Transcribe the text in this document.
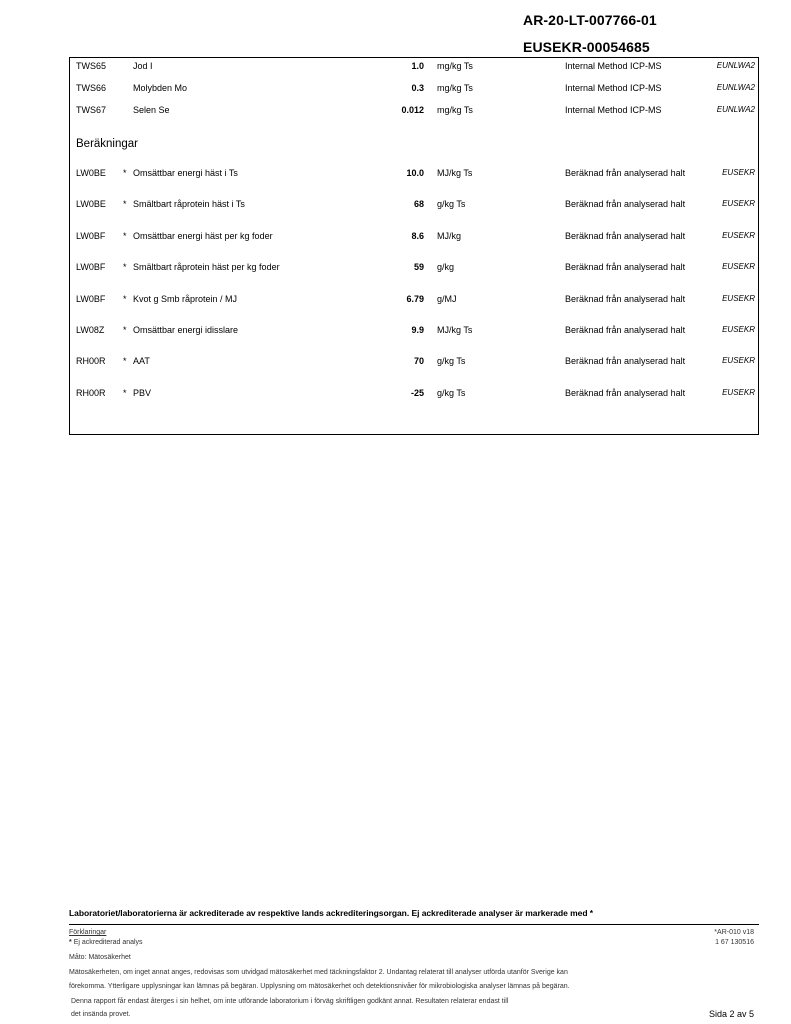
AR-20-LT-007766-01
EUSEKR-00054685
TWS65	Jod I	1.0 mg/kg Ts	Internal Method ICP-MS	EUNLWA2
TWS66	Molybden Mo	0.3 mg/kg Ts	Internal Method ICP-MS	EUNLWA2
TWS67	Selen Se	0.012 mg/kg Ts	Internal Method ICP-MS	EUNLWA2
Beräkningar
LW0BE * Omsättbar energi häst i Ts	10.0 MJ/kg Ts	Beräknad från analyserad halt	EUSEKR
LW0BE * Smältbart råprotein häst i Ts	68 g/kg Ts	Beräknad från analyserad halt	EUSEKR
LW0BF * Omsättbar energi häst per kg foder	8.6 MJ/kg	Beräknad från analyserad halt	EUSEKR
LW0BF * Smältbart råprotein häst per kg foder	59 g/kg	Beräknad från analyserad halt	EUSEKR
LW0BF * Kvot g Smb råprotein / MJ	6.79 g/MJ	Beräknad från analyserad halt	EUSEKR
LW08Z * Omsättbar energi idisslare	9.9 MJ/kg Ts	Beräknad från analyserad halt	EUSEKR
RH00R * AAT	70 g/kg Ts	Beräknad från analyserad halt	EUSEKR
RH00R * PBV	-25 g/kg Ts	Beräknad från analyserad halt	EUSEKR
Laboratoriet/laboratorierna är ackrediterade av respektive lands ackrediteringsorgan. Ej ackrediterade analyser är markerade med *
Förklaringar
* Ej ackrediterad analys
*AR-010 v18
1 67 130516
Måto: Mätosäkerhet
Mätosäkerheten, om inget annat anges, redovisas som utvidgad mätosäkerhet med täckningsfaktor 2. Undantag relaterat till analyser utförda utanför Sverige kan
förekomma. Ytterligare upplysningar kan lämnas på begäran. Upplysning om mätosäkerhet och detektionsnivåer för mikrobiologiska analyser lämnas på begäran.
Denna rapport får endast återges i sin helhet, om inte utförande laboratorium i förväg skriftligen godkänt annat. Resultaten relaterar endast till
det insända provet.	Sida 2 av 5
